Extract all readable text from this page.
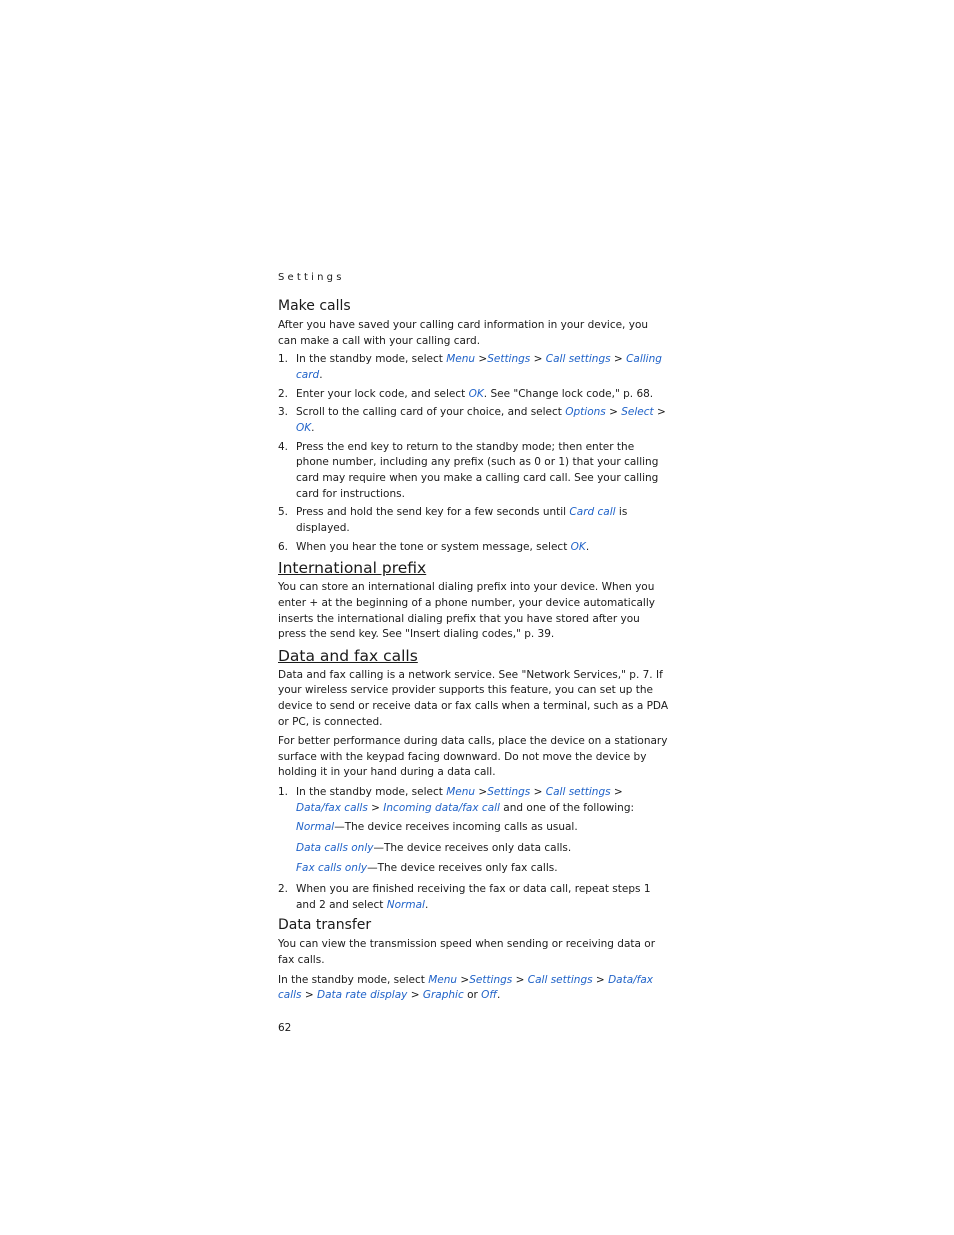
Settings
Make calls

After you have saved your calling card information in your device, you can make a call with your calling card.

1. In the standby mode, select Menu >Settings > Call settings > Calling card.
2. Enter your lock code, and select OK. See "Change lock code," p. 68.
3. Scroll to the calling card of your choice, and select Options > Select > OK.
4. Press the end key to return to the standby mode; then enter the phone number, including any prefix (such as 0 or 1) that your calling card may require when you make a calling card call. See your calling card for instructions.
5. Press and hold the send key for a few seconds until Card call is displayed.
6. When you hear the tone or system message, select OK.
International prefix

You can store an international dialing prefix into your device. When you enter + at the beginning of a phone number, your device automatically inserts the international dialing prefix that you have stored after you press the send key. See "Insert dialing codes," p. 39.

Data and fax calls

Data and fax calling is a network service. See "Network Services," p. 7. If your wireless service provider supports this feature, you can set up the device to send or receive data or fax calls when a terminal, such as a PDA or PC, is connected.

For better performance during data calls, place the device on a stationary surface with the keypad facing downward. Do not move the device by holding it in your hand during a data call.

1. In the standby mode, select Menu >Settings > Call settings > Data/fax calls > Incoming data/fax call and one of the following:
Normal—The device receives incoming calls as usual.
Data calls only—The device receives only data calls.
Fax calls only—The device receives only fax calls.
2. When you are finished receiving the fax or data call, repeat steps 1 and 2 and select Normal.
Data transfer

You can view the transmission speed when sending or receiving data or fax calls.

In the standby mode, select Menu >Settings > Call settings > Data/fax calls > Data rate display > Graphic or Off.

62
